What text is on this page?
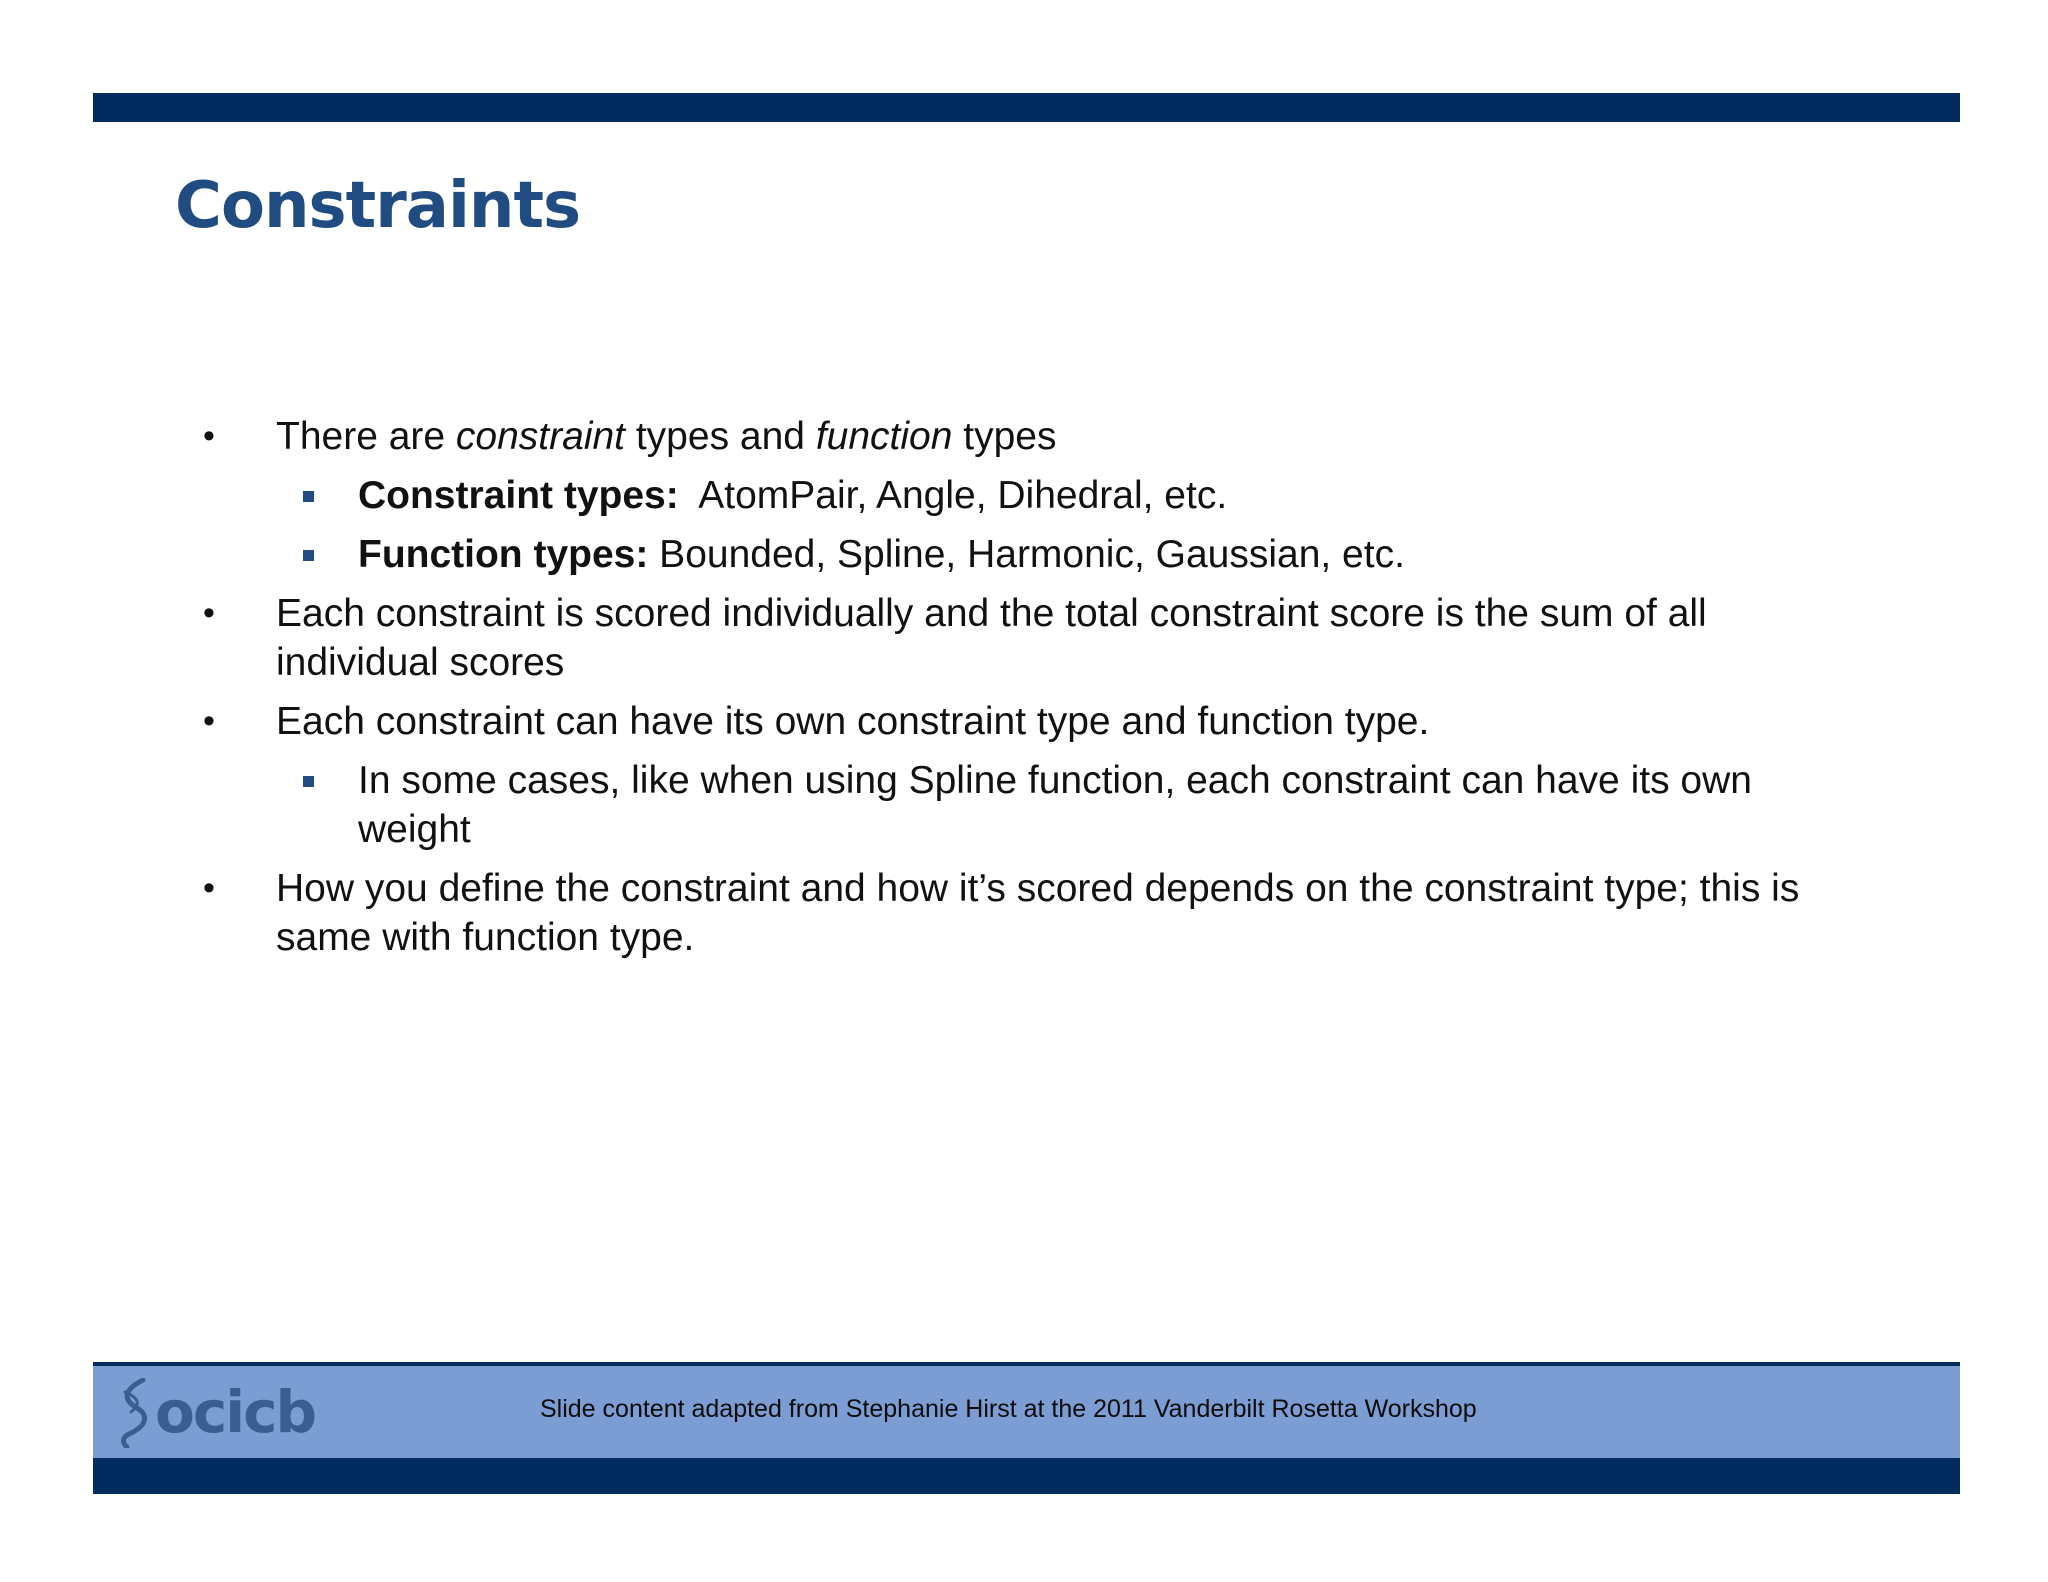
Constraints
• There are constraint types and function types
Constraint types:  AtomPair, Angle, Dihedral, etc.
Function types: Bounded, Spline, Harmonic, Gaussian, etc.
• Each constraint is scored individually and the total constraint score is the sum of all individual scores
• Each constraint can have its own constraint type and function type.
In some cases, like when using Spline function, each constraint can have its own weight
• How you define the constraint and how it’s scored depends on the constraint type; this is same with function type.
ocicb	Slide content adapted from Stephanie Hirst at the 2011 Vanderbilt Rosetta Workshop
